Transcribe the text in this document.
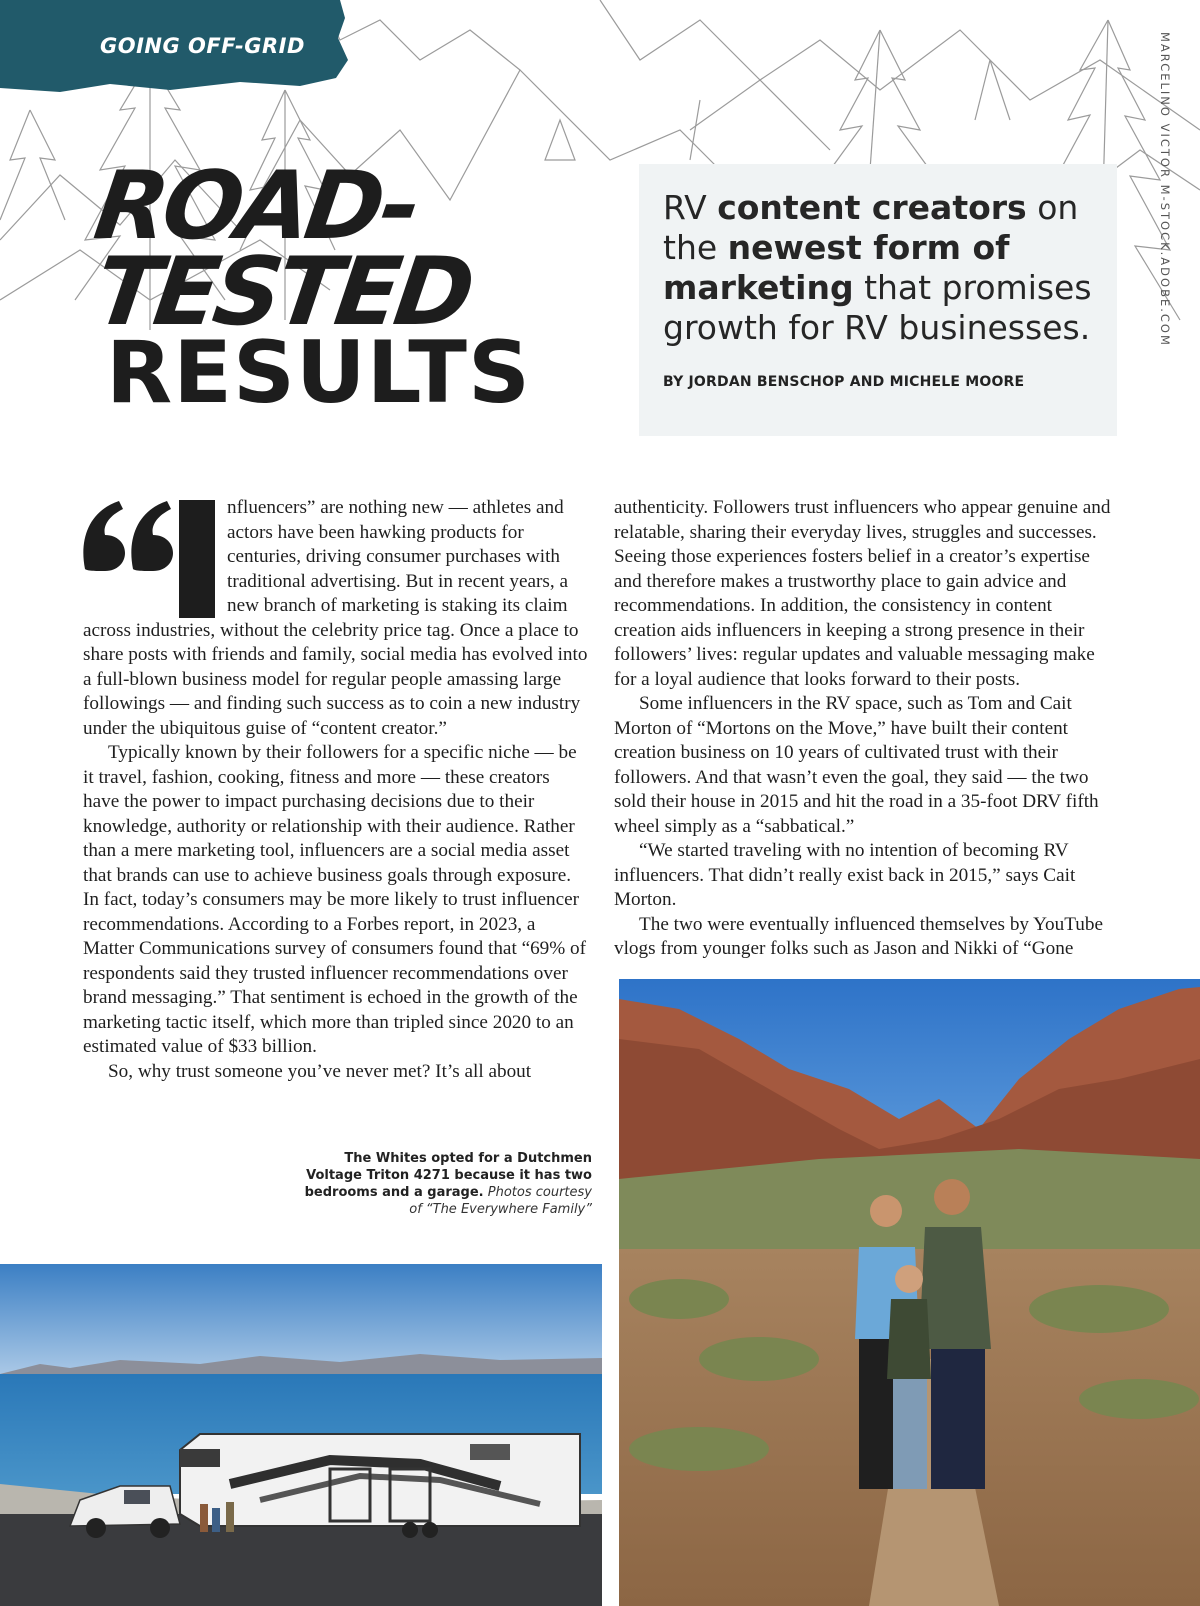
GOING OFF-GRID	MARCELINO VICTOR M-STOCK.ADOBE.COM
ROAD-
TESTED
RESULTS

RV content creators on the newest form of marketing that promises growth for RV businesses.

BY JORDAN BENSCHOP AND MICHELE MOORE

nfluencers” are nothing new — athletes and actors have been hawking products for centuries, driving consumer purchases with traditional advertising. But in recent years, a new branch of marketing is staking its claim across industries, without the celebrity price tag. Once a place to share posts with friends and family, social media has evolved into a full-blown business model for regular people amassing large followings — and finding such success as to coin a new industry under the ubiquitous guise of “content creator.”

Typically known by their followers for a specific niche — be it travel, fashion, cooking, fitness and more — these creators have the power to impact purchasing decisions due to their knowledge, authority or relationship with their audience. Rather than a mere marketing tool, influencers are a social media asset that brands can use to achieve business goals through exposure. In fact, today’s consumers may be more likely to trust influencer recommendations. According to a Forbes report, in 2023, a Matter Communications survey of consumers found that “69% of respondents said they trusted influencer recommendations over brand messaging.” That sentiment is echoed in the growth of the marketing tactic itself, which more than tripled since 2020 to an estimated value of $33 billion.

So, why trust someone you’ve never met? It’s all about

authenticity. Followers trust influencers who appear genuine and relatable, sharing their everyday lives, struggles and successes. Seeing those experiences fosters belief in a creator’s expertise and therefore makes a trustworthy place to gain advice and recommendations. In addition, the consistency in content creation aids influencers in keeping a strong presence in their followers’ lives: regular updates and valuable messaging make for a loyal audience that looks forward to their posts.

Some influencers in the RV space, such as Tom and Cait Morton of “Mortons on the Move,” have built their content creation business on 10 years of cultivated trust with their followers. And that wasn’t even the goal, they said — the two sold their house in 2015 and hit the road in a 35-foot DRV fifth wheel simply as a “sabbatical.”

“We started traveling with no intention of becoming RV influencers. That didn’t really exist back in 2015,” says Cait Morton.

The two were eventually influenced themselves by YouTube vlogs from younger folks such as Jason and Nikki of “Gone

The Whites opted for a Dutchmen Voltage Triton 4271 because it has two bedrooms and a garage. Photos courtesy of “The Everywhere Family”
